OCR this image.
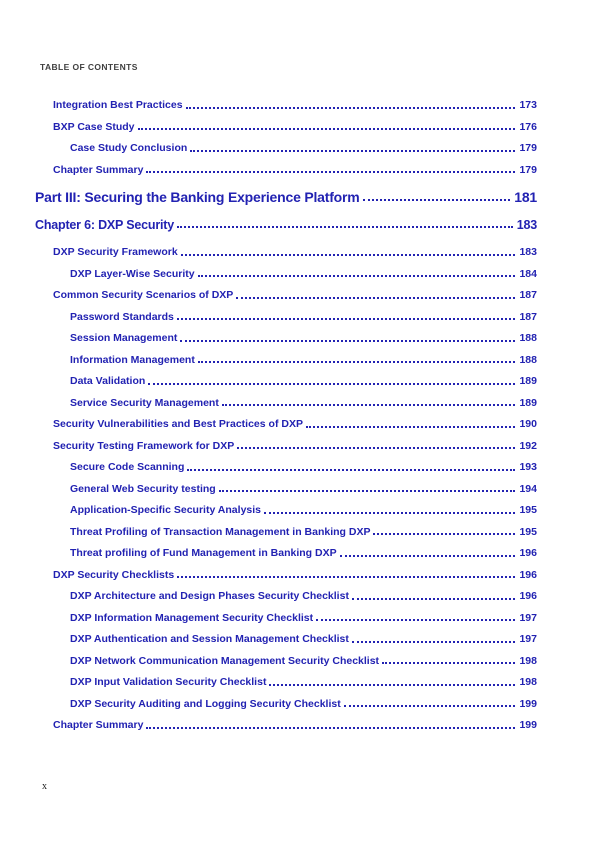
TABLE OF CONTENTS
Integration Best Practices	173
BXP Case Study	176
Case Study Conclusion	179
Chapter Summary	179
Part III: Securing the Banking Experience Platform	181
Chapter 6: DXP Security	183
DXP Security Framework	183
DXP Layer-Wise Security	184
Common Security Scenarios of DXP	187
Password Standards	187
Session Management	188
Information Management	188
Data Validation	189
Service Security Management	189
Security Vulnerabilities and Best Practices of DXP	190
Security Testing Framework for DXP	192
Secure Code Scanning	193
General Web Security testing	194
Application-Specific Security Analysis	195
Threat Profiling of Transaction Management in Banking DXP	195
Threat profiling of Fund Management in Banking DXP	196
DXP Security Checklists	196
DXP Architecture and Design Phases Security Checklist	196
DXP Information Management Security Checklist	197
DXP Authentication and Session Management Checklist	197
DXP Network Communication Management Security Checklist	198
DXP Input Validation Security Checklist	198
DXP Security Auditing and Logging Security Checklist	199
Chapter Summary	199
x
